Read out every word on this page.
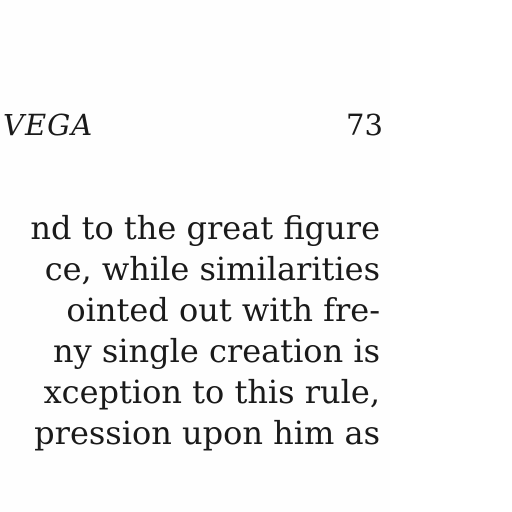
VEGA	73
nd to the great figure
ce, while similarities
ointed out with fre-
ny single creation is
xception to this rule,
pression upon him as
